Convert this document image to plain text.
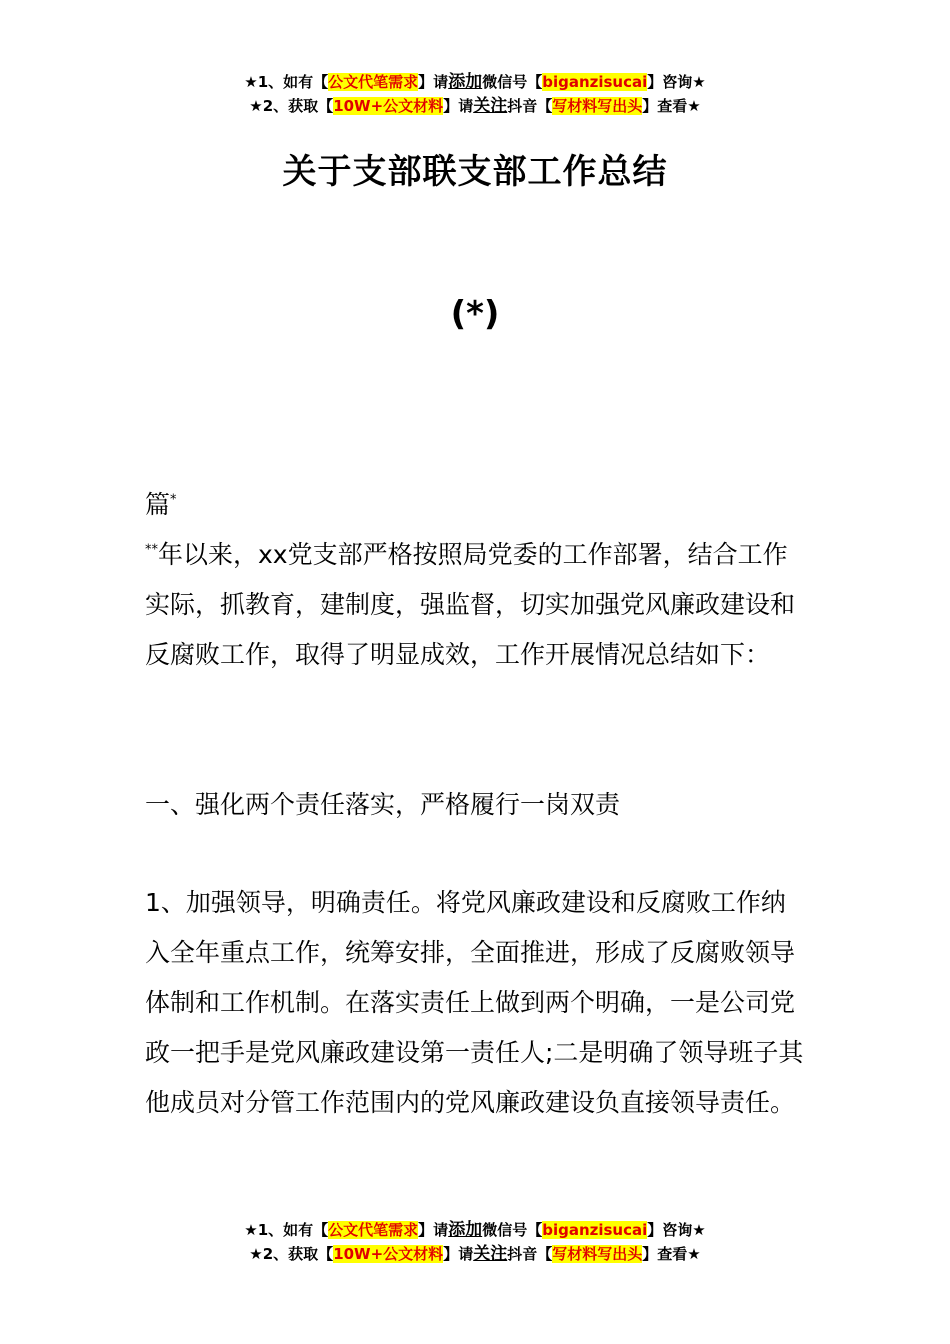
★1、如有【公文代笔需求】请添加微信号【biganzisucai】咨询★
★2、获取【10W+公文材料】请关注抖音【写材料写出头】查看★
关于支部联支部工作总结
(*)

篇*

**年以来，xx党支部严格按照局党委的工作部署，结合工作实际，抓教育，建制度，强监督，切实加强党风廉政建设和反腐败工作，取得了明显成效，工作开展情况总结如下：

一、强化两个责任落实，严格履行一岗双责

1、加强领导，明确责任。将党风廉政建设和反腐败工作纳入全年重点工作，统筹安排，全面推进，形成了反腐败领导体制和工作机制。在落实责任上做到两个明确，一是公司党政一把手是党风廉政建设第一责任人;二是明确了领导班子其他成员对分管工作范围内的党风廉政建设负直接领导责任。

★1、如有【公文代笔需求】请添加微信号【biganzisucai】咨询★
★2、获取【10W+公文材料】请关注抖音【写材料写出头】查看★
